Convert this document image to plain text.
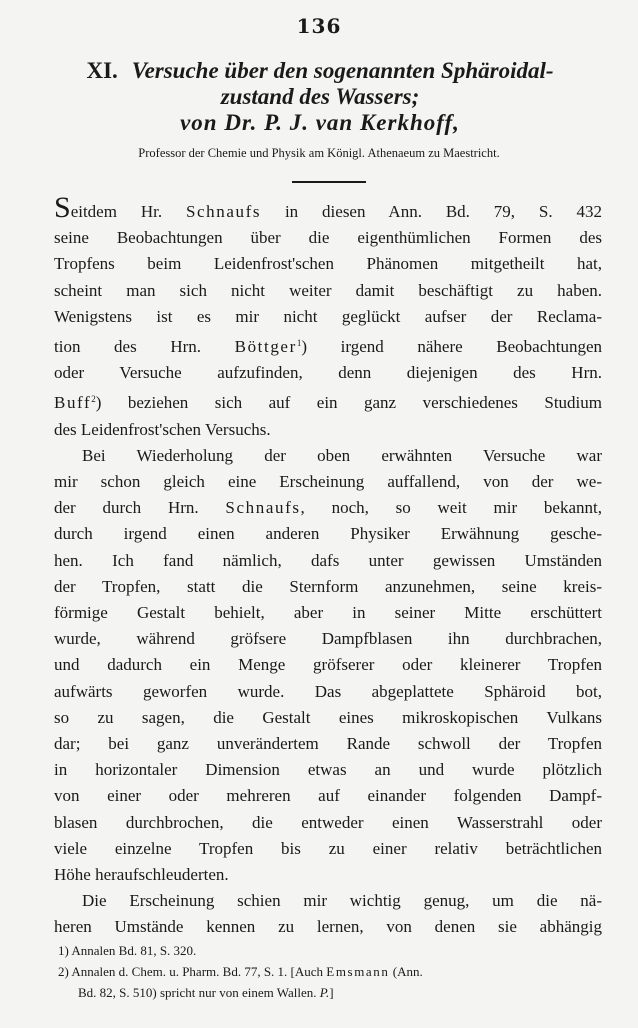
136
XI. Versuche über den sogenannten Sphäroidal-
zustand des Wassers;
von Dr. P. J. van Kerkhoff,
Professor der Chemie und Physik am Königl. Athenaeum zu Maestricht.
Seitdem Hr. Schnaufs in diesen Ann. Bd. 79, S. 432
seine Beobachtungen über die eigenthümlichen Formen des
Tropfens beim Leidenfrost'schen Phänomen mitgetheilt hat,
scheint man sich nicht weiter damit beschäftigt zu haben.
Wenigstens ist es mir nicht geglückt aufser der Reclama-
tion des Hrn. Böttger$^1$) irgend nähere Beobachtungen
oder Versuche aufzufinden, denn diejenigen des Hrn.
Buff$^2$) beziehen sich auf ein ganz verschiedenes Studium
des Leidenfrost'schen Versuchs.
Bei Wiederholung der oben erwähnten Versuche war
mir schon gleich eine Erscheinung auffallend, von der we-
der durch Hrn. Schnaufs, noch, so weit mir bekannt,
durch irgend einen anderen Physiker Erwähnung gesche-
hen. Ich fand nämlich, dafs unter gewissen Umständen
der Tropfen, statt die Sternform anzunehmen, seine kreis-
förmige Gestalt behielt, aber in seiner Mitte erschüttert
wurde, während gröfsere Dampfblasen ihn durchbrachen,
und dadurch ein Menge gröfserer oder kleinerer Tropfen
aufwärts geworfen wurde. Das abgeplattete Sphäroid bot,
so zu sagen, die Gestalt eines mikroskopischen Vulkans
dar; bei ganz unverändertem Rande schwoll der Tropfen
in horizontaler Dimension etwas an und wurde plötzlich
von einer oder mehreren auf einander folgenden Dampf-
blasen durchbrochen, die entweder einen Wasserstrahl oder
viele einzelne Tropfen bis zu einer relativ beträchtlichen
Höhe heraufschleuderten.
Die Erscheinung schien mir wichtig genug, um die nä-
heren Umstände kennen zu lernen, von denen sie abhängig
1) Annalen Bd. 81, S. 320.
2) Annalen d. Chem. u. Pharm. Bd. 77, S. 1. [Auch Emsmann (Ann.
Bd. 82, S. 510) spricht nur von einem Wallen. P.]
